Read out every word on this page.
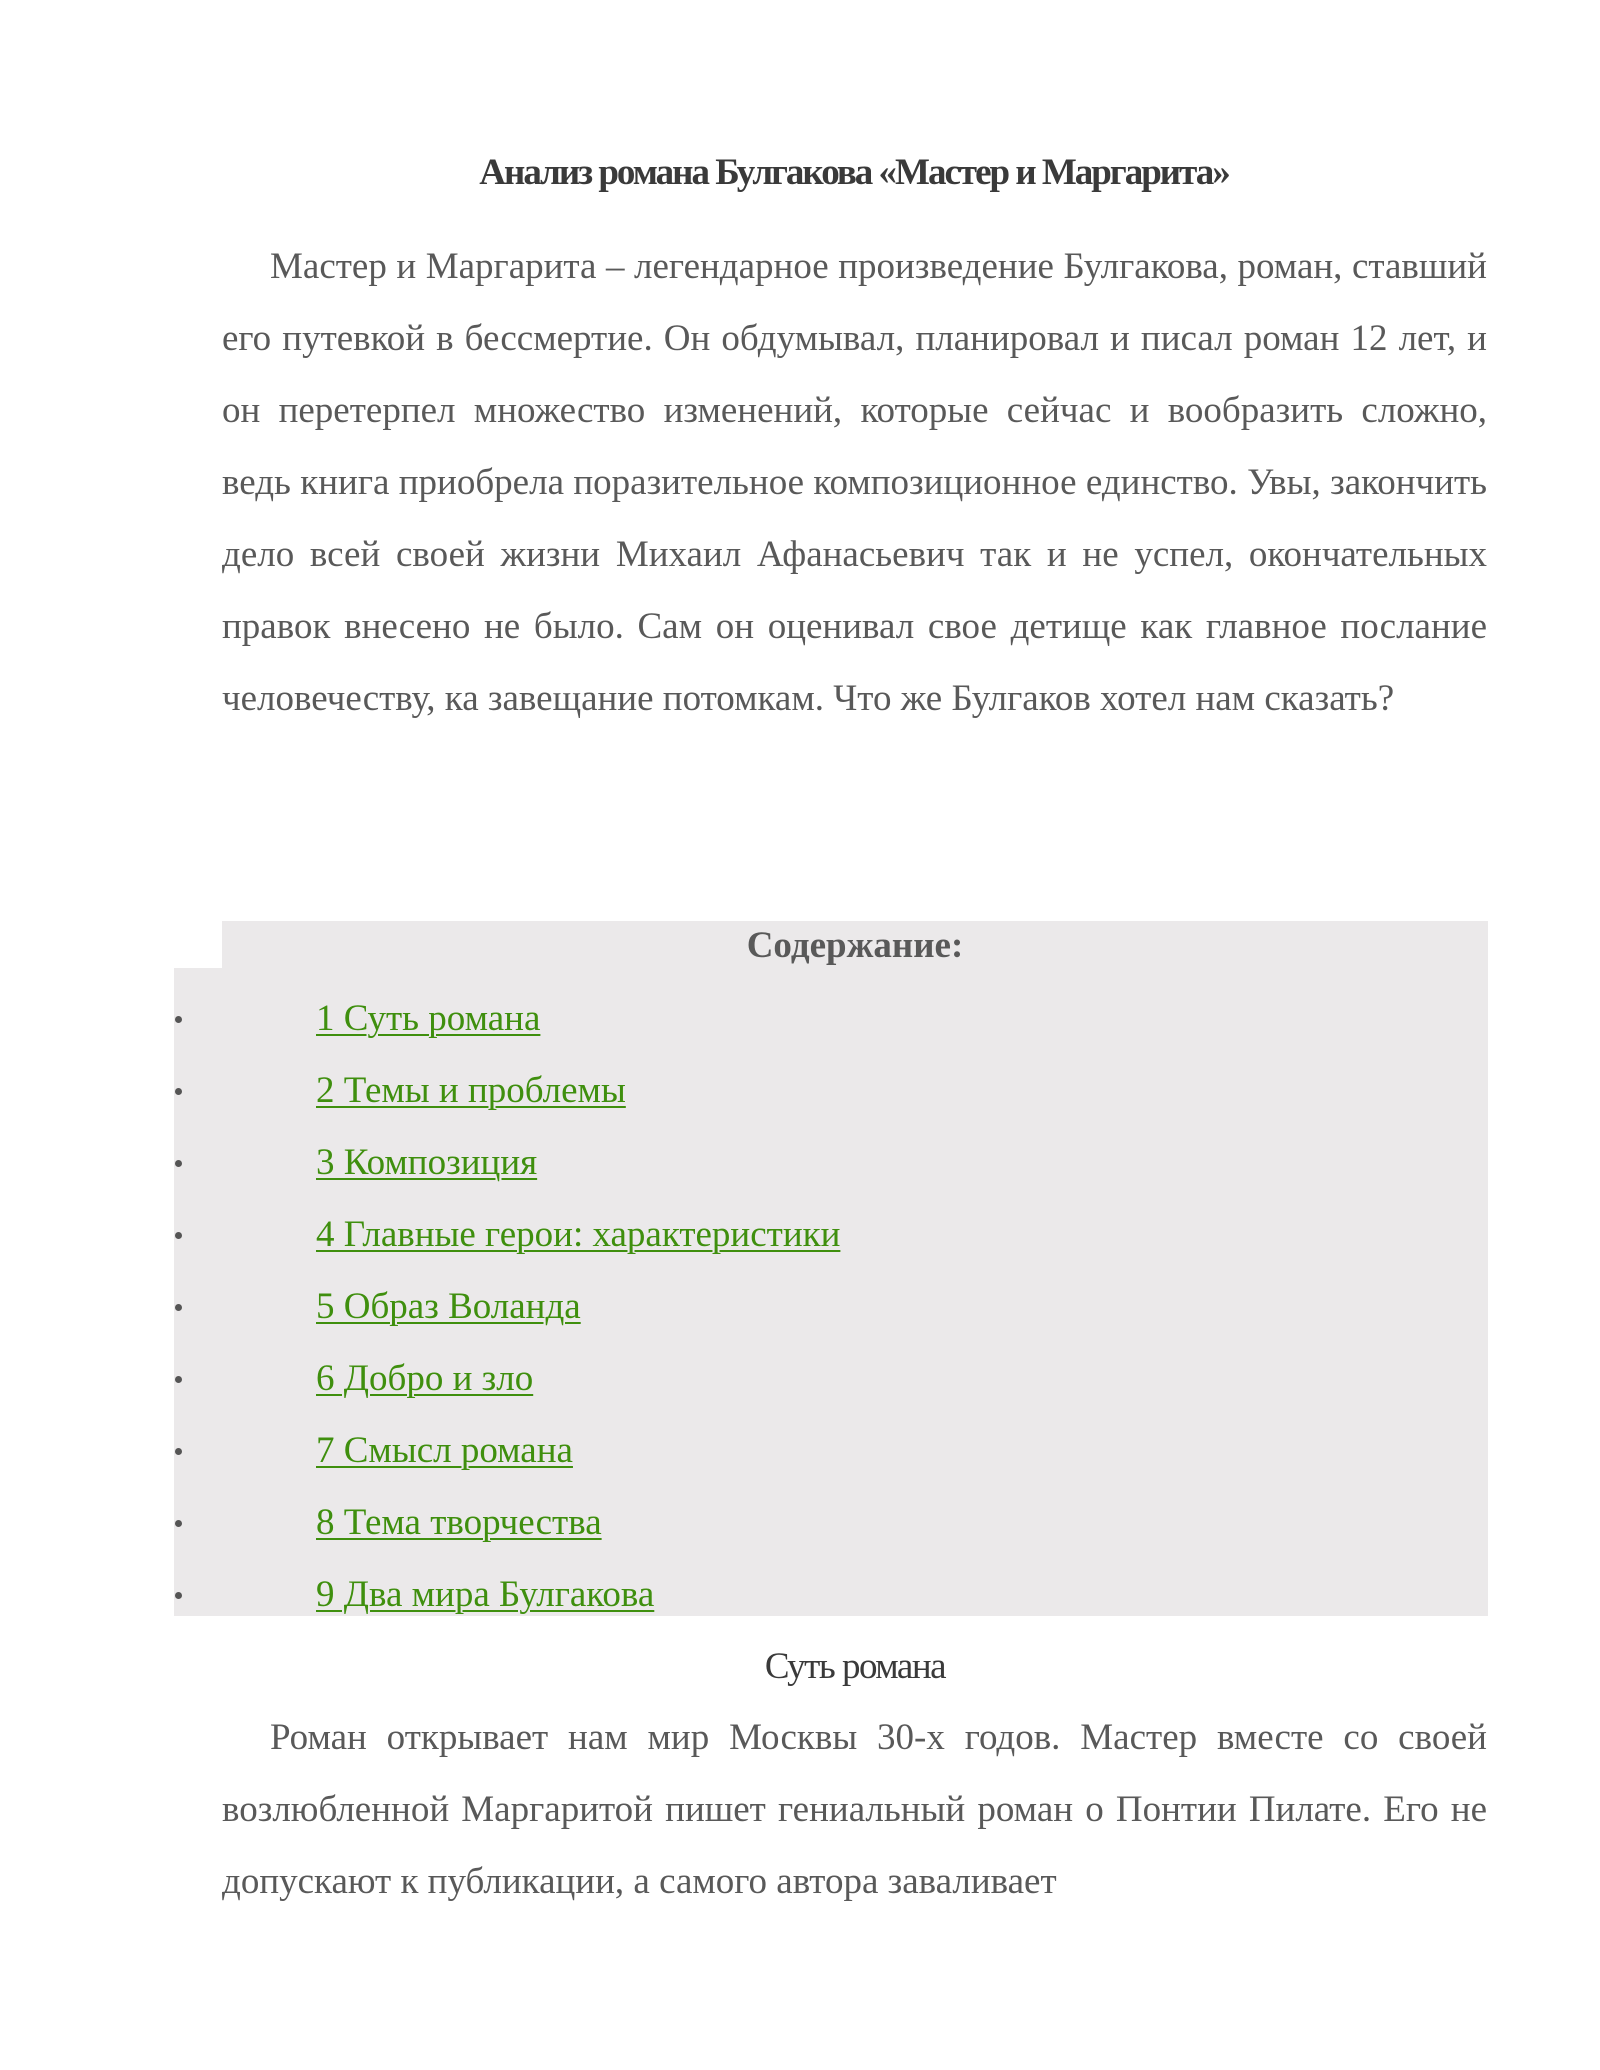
Анализ романа Булгакова «Мастер и Маргарита»

Мастер и Маргарита – легендарное произведение Булгакова, роман, ставший его путевкой в бессмертие. Он обдумывал, планировал и писал роман 12 лет, и он перетерпел множество изменений, которые сейчас и вообразить сложно, ведь книга приобрела поразительное композиционное единство. Увы, закончить дело всей своей жизни Михаил Афанасьевич так и не успел, окончательных правок внесено не было. Сам он оценивал свое детище как главное послание человечеству, ка завещание потомкам. Что же Булгаков хотел нам сказать?

Содержание:
1 Суть романа
2 Темы и проблемы
3 Композиция
4 Главные герои: характеристики
5 Образ Воланда
6 Добро и зло
7 Смысл романа
8 Тема творчества
9 Два мира Булгакова
Суть романа

Роман открывает нам мир Москвы 30-х годов. Мастер вместе со своей возлюбленной Маргаритой пишет гениальный роман о Понтии Пилате. Его не допускают к публикации, а самого автора заваливает
